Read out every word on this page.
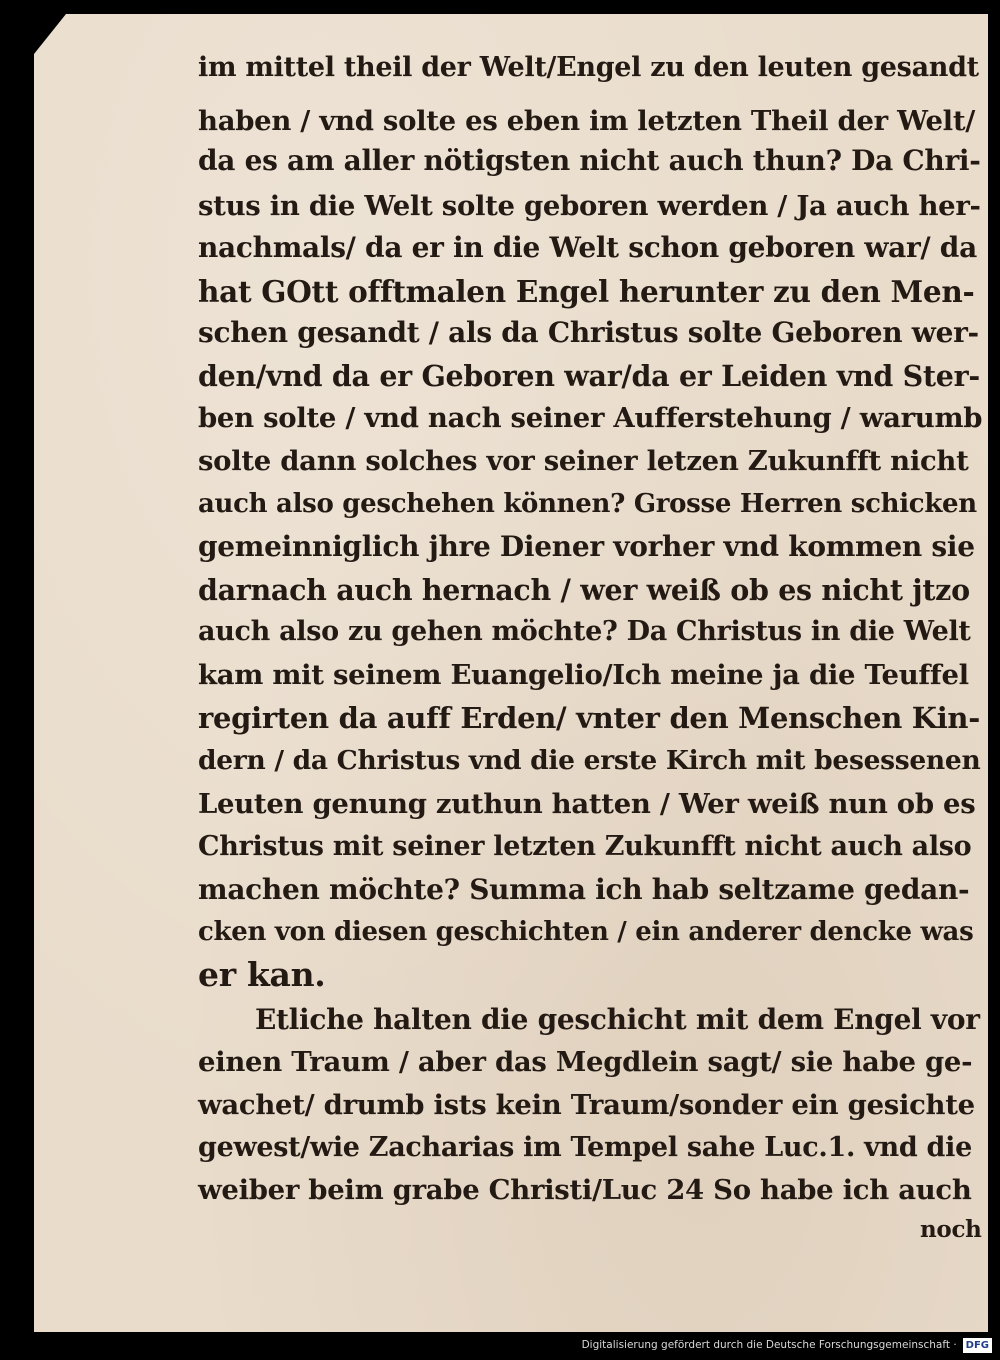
im mittel theil der Welt/Engel zu den leuten gesandt
haben / vnd solte es eben im letzten Theil der Welt/
da es am aller nötigsten nicht auch thun? Da Chri-
stus in die Welt solte geboren werden / Ja auch her-
nachmals/ da er in die Welt schon geboren war/ da
hat GOtt offtmalen Engel herunter zu den Men-
schen gesandt / als da Christus solte Geboren wer-
den/vnd da er Geboren war/da er Leiden vnd Ster-
ben solte / vnd nach seiner Aufferstehung / warumb
solte dann solches vor seiner letzen Zukunfft nicht
auch also geschehen können? Grosse Herren schicken
gemeinniglich jhre Diener vorher vnd kommen sie
darnach auch hernach / wer weiß ob es nicht jtzo
auch also zu gehen möchte? Da Christus in die Welt
kam mit seinem Euangelio/Ich meine ja die Teuffel
regirten da auff Erden/ vnter den Menschen Kin-
dern / da Christus vnd die erste Kirch mit besessenen
Leuten genung zuthun hatten / Wer weiß nun ob es
Christus mit seiner letzten Zukunfft nicht auch also
machen möchte? Summa ich hab seltzame gedan-
cken von diesen geschichten / ein anderer dencke was
er kan.
Etliche halten die geschicht mit dem Engel vor
einen Traum / aber das Megdlein sagt/ sie habe ge-
wachet/ drumb ists kein Traum/sonder ein gesichte
gewest/wie Zacharias im Tempel sahe Luc.1. vnd die
weiber beim grabe Christi/Luc 24 So habe ich auch
noch
Digitalisierung gefördert durch die Deutsche Forschungsgemeinschaft · DFG
